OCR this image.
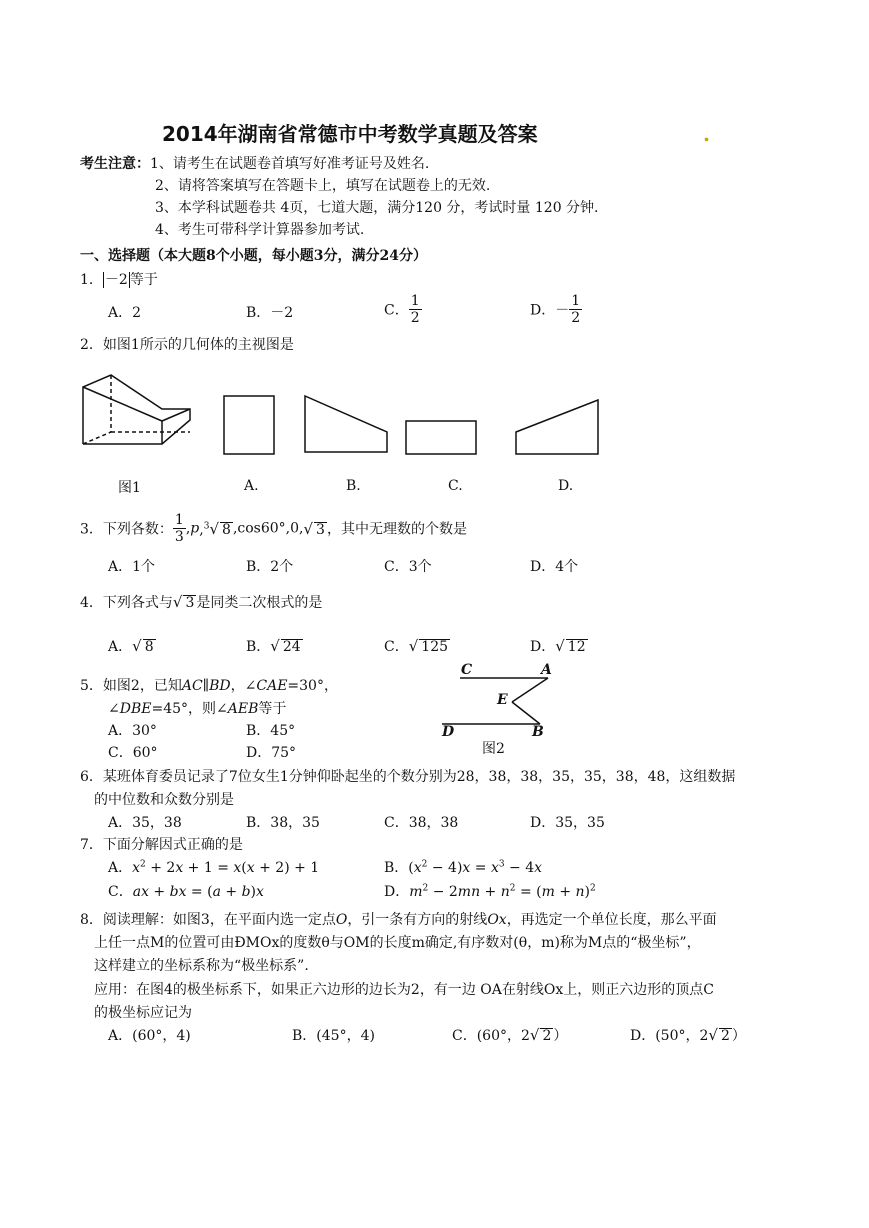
2014年湖南省常德市中考数学真题及答案	.
考生注意： 1、请考生在试题卷首填写好准考证号及姓名.
2、请将答案填写在答题卡上，填写在试题卷上的无效.
3、本学科试题卷共 4页，七道大题，满分120 分，考试时量 120 分钟.
4、考生可带科学计算器参加考试.
一、选择题（本大题8个小题，每小题3分，满分24分）
1． －2 等于
A．2	B．－2	C． $\frac{1}{2}$	D．－ $\frac{1}{2}$
2．如图1所示的几何体的主视图是
图1	A.	B.	C.	D.
3．下列各数： $\frac{1}{3} ,p,^3√$ 8 ,cos60°,0,√ 3 ，其中无理数的个数是
A．1个	B．2个	C．3个	D．4个
4．下列各式与√ 3 是同类二次根式的是
A．√ 8	B．√ 24	C．√ 125	D．√ 12
5．如图2，已知AC∥BD，∠CAE=30°，
∠DBE=45°，则∠AEB等于
A．30°	B．45°
C．60°	D．75°
C	A
E
D	B
图2
6．某班体育委员记录了7位女生1分钟仰卧起坐的个数分别为28，38，38，35，35，38，48，这组数据
的中位数和众数分别是
A．35，38	B．38，35	C．38，38	D．35，35
7．下面分解因式正确的是
A．$x^2 + 2x + 1 = x(x + 2) + 1$	B．$(x^2 - 4)x = x^3 - 4x$
C．ax + bx = (a + b)x	D．$m^2 - 2mn + n^2 = (m + n)^2$
8．阅读理解：如图3，在平面内选一定点O，引一条有方向的射线Ox，再选定一个单位长度，那么平面
上任一点M的位置可由ÐMOx的度数θ与OM的长度m确定,有序数对(θ，m)称为M点的“极坐标”，
这样建立的坐标系称为“极坐标系”.
应用：在图4的极坐标系下，如果正六边形的边长为2，有一边 OA在射线Ox上，则正六边形的顶点C
的极坐标应记为
A．(60°，4)	B．(45°，4)	C．(60°，2√ 2 ）	D．(50°，2√ 2 ）
